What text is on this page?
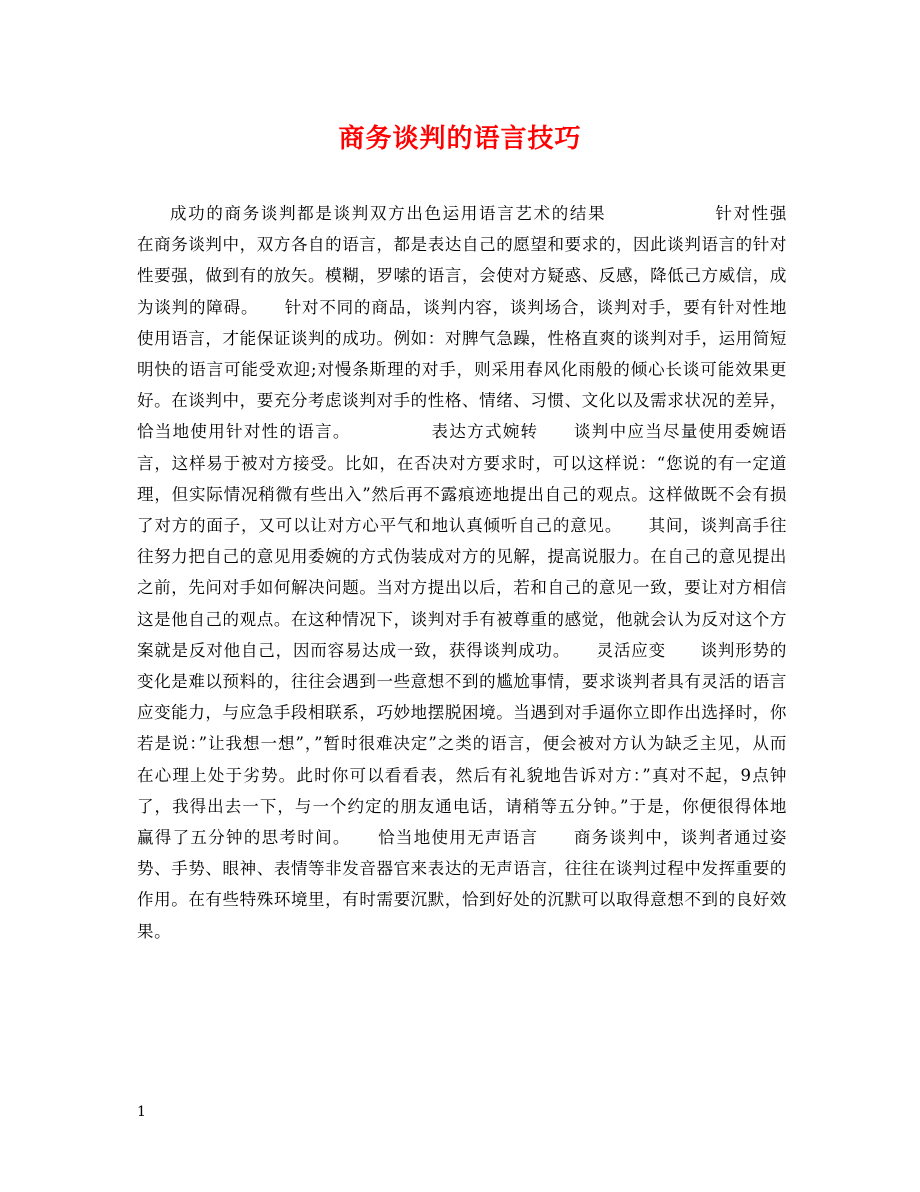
商务谈判的语言技巧

成功的商务谈判都是谈判双方出色运用语言艺术的结果　　　　　　针对性强　　在商务谈判中，双方各自的语言，都是表达自己的愿望和要求的，因此谈判语言的针对性要强，做到有的放矢。模糊，罗嗦的语言，会使对方疑惑、反感，降低己方威信，成为谈判的障碍。　　针对不同的商品，谈判内容，谈判场合，谈判对手，要有针对性地使用语言，才能保证谈判的成功。例如：对脾气急躁，性格直爽的谈判对手，运用简短明快的语言可能受欢迎;对慢条斯理的对手，则采用春风化雨般的倾心长谈可能效果更好。在谈判中，要充分考虑谈判对手的性格、情绪、习惯、文化以及需求状况的差异，恰当地使用针对性的语言。　　　　　表达方式婉转　　谈判中应当尽量使用委婉语言，这样易于被对方接受。比如，在否决对方要求时，可以这样说：“您说的有一定道理，但实际情况稍微有些出入”然后再不露痕迹地提出自己的观点。这样做既不会有损了对方的面子，又可以让对方心平气和地认真倾听自己的意见。　　其间，谈判高手往往努力把自己的意见用委婉的方式伪装成对方的见解，提高说服力。在自己的意见提出之前，先问对手如何解决问题。当对方提出以后，若和自己的意见一致，要让对方相信这是他自己的观点。在这种情况下，谈判对手有被尊重的感觉，他就会认为反对这个方案就是反对他自己，因而容易达成一致，获得谈判成功。　　灵活应变　　谈判形势的变化是难以预料的，往往会遇到一些意想不到的尴尬事情，要求谈判者具有灵活的语言应变能力，与应急手段相联系，巧妙地摆脱困境。当遇到对手逼你立即作出选择时，你若是说：”让我想一想”，”暂时很难决定”之类的语言，便会被对方认为缺乏主见，从而在心理上处于劣势。此时你可以看看表，然后有礼貌地告诉对方：”真对不起，9点钟了，我得出去一下，与一个约定的朋友通电话，请稍等五分钟。”于是，你便很得体地赢得了五分钟的思考时间。　　恰当地使用无声语言　　商务谈判中，谈判者通过姿势、手势、眼神、表情等非发音器官来表达的无声语言，往往在谈判过程中发挥重要的作用。在有些特殊环境里，有时需要沉默，恰到好处的沉默可以取得意想不到的良好效果。

1
